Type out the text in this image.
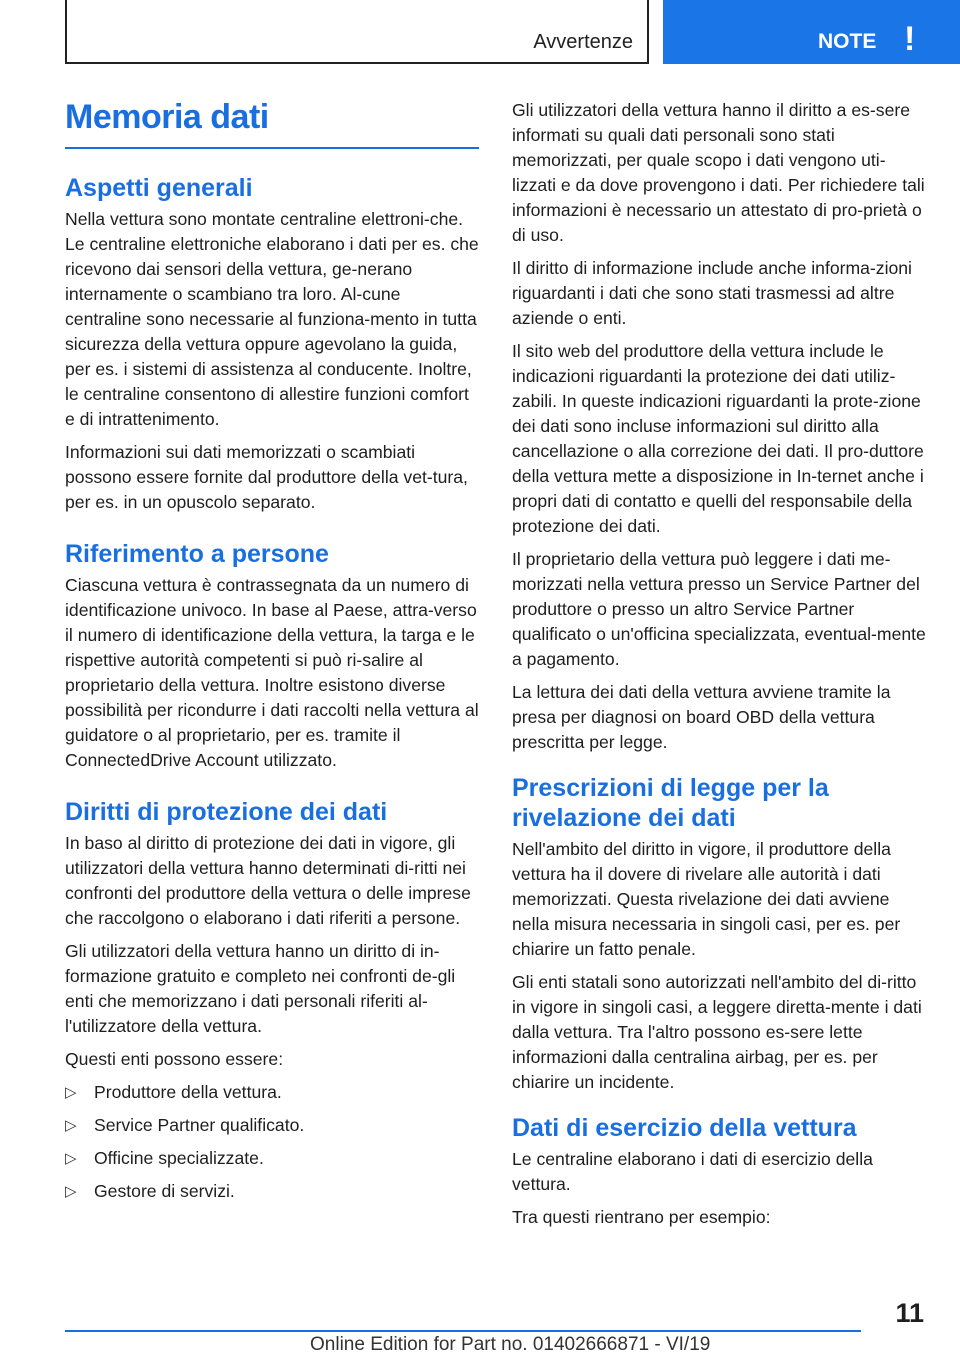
Avvertenze	NOTE !
Memoria dati
Aspetti generali

Nella vettura sono montate centraline elettroni-che. Le centraline elettroniche elaborano i dati per es. che ricevono dai sensori della vettura, ge-nerano internamente o scambiano tra loro. Al-cune centraline sono necessarie al funziona-mento in tutta sicurezza della vettura oppure agevolano la guida, per es. i sistemi di assistenza al conducente. Inoltre, le centraline consentono di allestire funzioni comfort e di intrattenimento.

Informazioni sui dati memorizzati o scambiati possono essere fornite dal produttore della vet-tura, per es. in un opuscolo separato.

Riferimento a persone

Ciascuna vettura è contrassegnata da un numero di identificazione univoco. In base al Paese, attra-verso il numero di identificazione della vettura, la targa e le rispettive autorità competenti si può ri-salire al proprietario della vettura. Inoltre esistono diverse possibilità per ricondurre i dati raccolti nella vettura al guidatore o al proprietario, per es. tramite il ConnectedDrive Account utilizzato.

Diritti di protezione dei dati

In baso al diritto di protezione dei dati in vigore, gli utilizzatori della vettura hanno determinati di-ritti nei confronti del produttore della vettura o delle imprese che raccolgono o elaborano i dati riferiti a persone.

Gli utilizzatori della vettura hanno un diritto di in-formazione gratuito e completo nei confronti de-gli enti che memorizzano i dati personali riferiti al-l'utilizzatore della vettura.

Questi enti possono essere:

▷ Produttore della vettura.
▷ Service Partner qualificato.
▷ Officine specializzate.
▷ Gestore di servizi.

Gli utilizzatori della vettura hanno il diritto a es-sere informati su quali dati personali sono stati memorizzati, per quale scopo i dati vengono uti-lizzati e da dove provengono i dati. Per richiedere tali informazioni è necessario un attestato di pro-prietà o di uso.

Il diritto di informazione include anche informa-zioni riguardanti i dati che sono stati trasmessi ad altre aziende o enti.

Il sito web del produttore della vettura include le indicazioni riguardanti la protezione dei dati utiliz-zabili. In queste indicazioni riguardanti la prote-zione dei dati sono incluse informazioni sul diritto alla cancellazione o alla correzione dei dati. Il pro-duttore della vettura mette a disposizione in In-ternet anche i propri dati di contatto e quelli del responsabile della protezione dei dati.

Il proprietario della vettura può leggere i dati me-morizzati nella vettura presso un Service Partner del produttore o presso un altro Service Partner qualificato o un'officina specializzata, eventual-mente a pagamento.

La lettura dei dati della vettura avviene tramite la presa per diagnosi on board OBD della vettura prescritta per legge.

Prescrizioni di legge per la rivelazione dei dati

Nell'ambito del diritto in vigore, il produttore della vettura ha il dovere di rivelare alle autorità i dati memorizzati. Questa rivelazione dei dati avviene nella misura necessaria in singoli casi, per es. per chiarire un fatto penale.

Gli enti statali sono autorizzati nell'ambito del di-ritto in vigore in singoli casi, a leggere diretta-mente i dati dalla vettura. Tra l'altro possono es-sere lette informazioni dalla centralina airbag, per es. per chiarire un incidente.

Dati di esercizio della vettura

Le centraline elaborano i dati di esercizio della vettura.

Tra questi rientrano per esempio:

11
Online Edition for Part no. 01402666871 - VI/19
